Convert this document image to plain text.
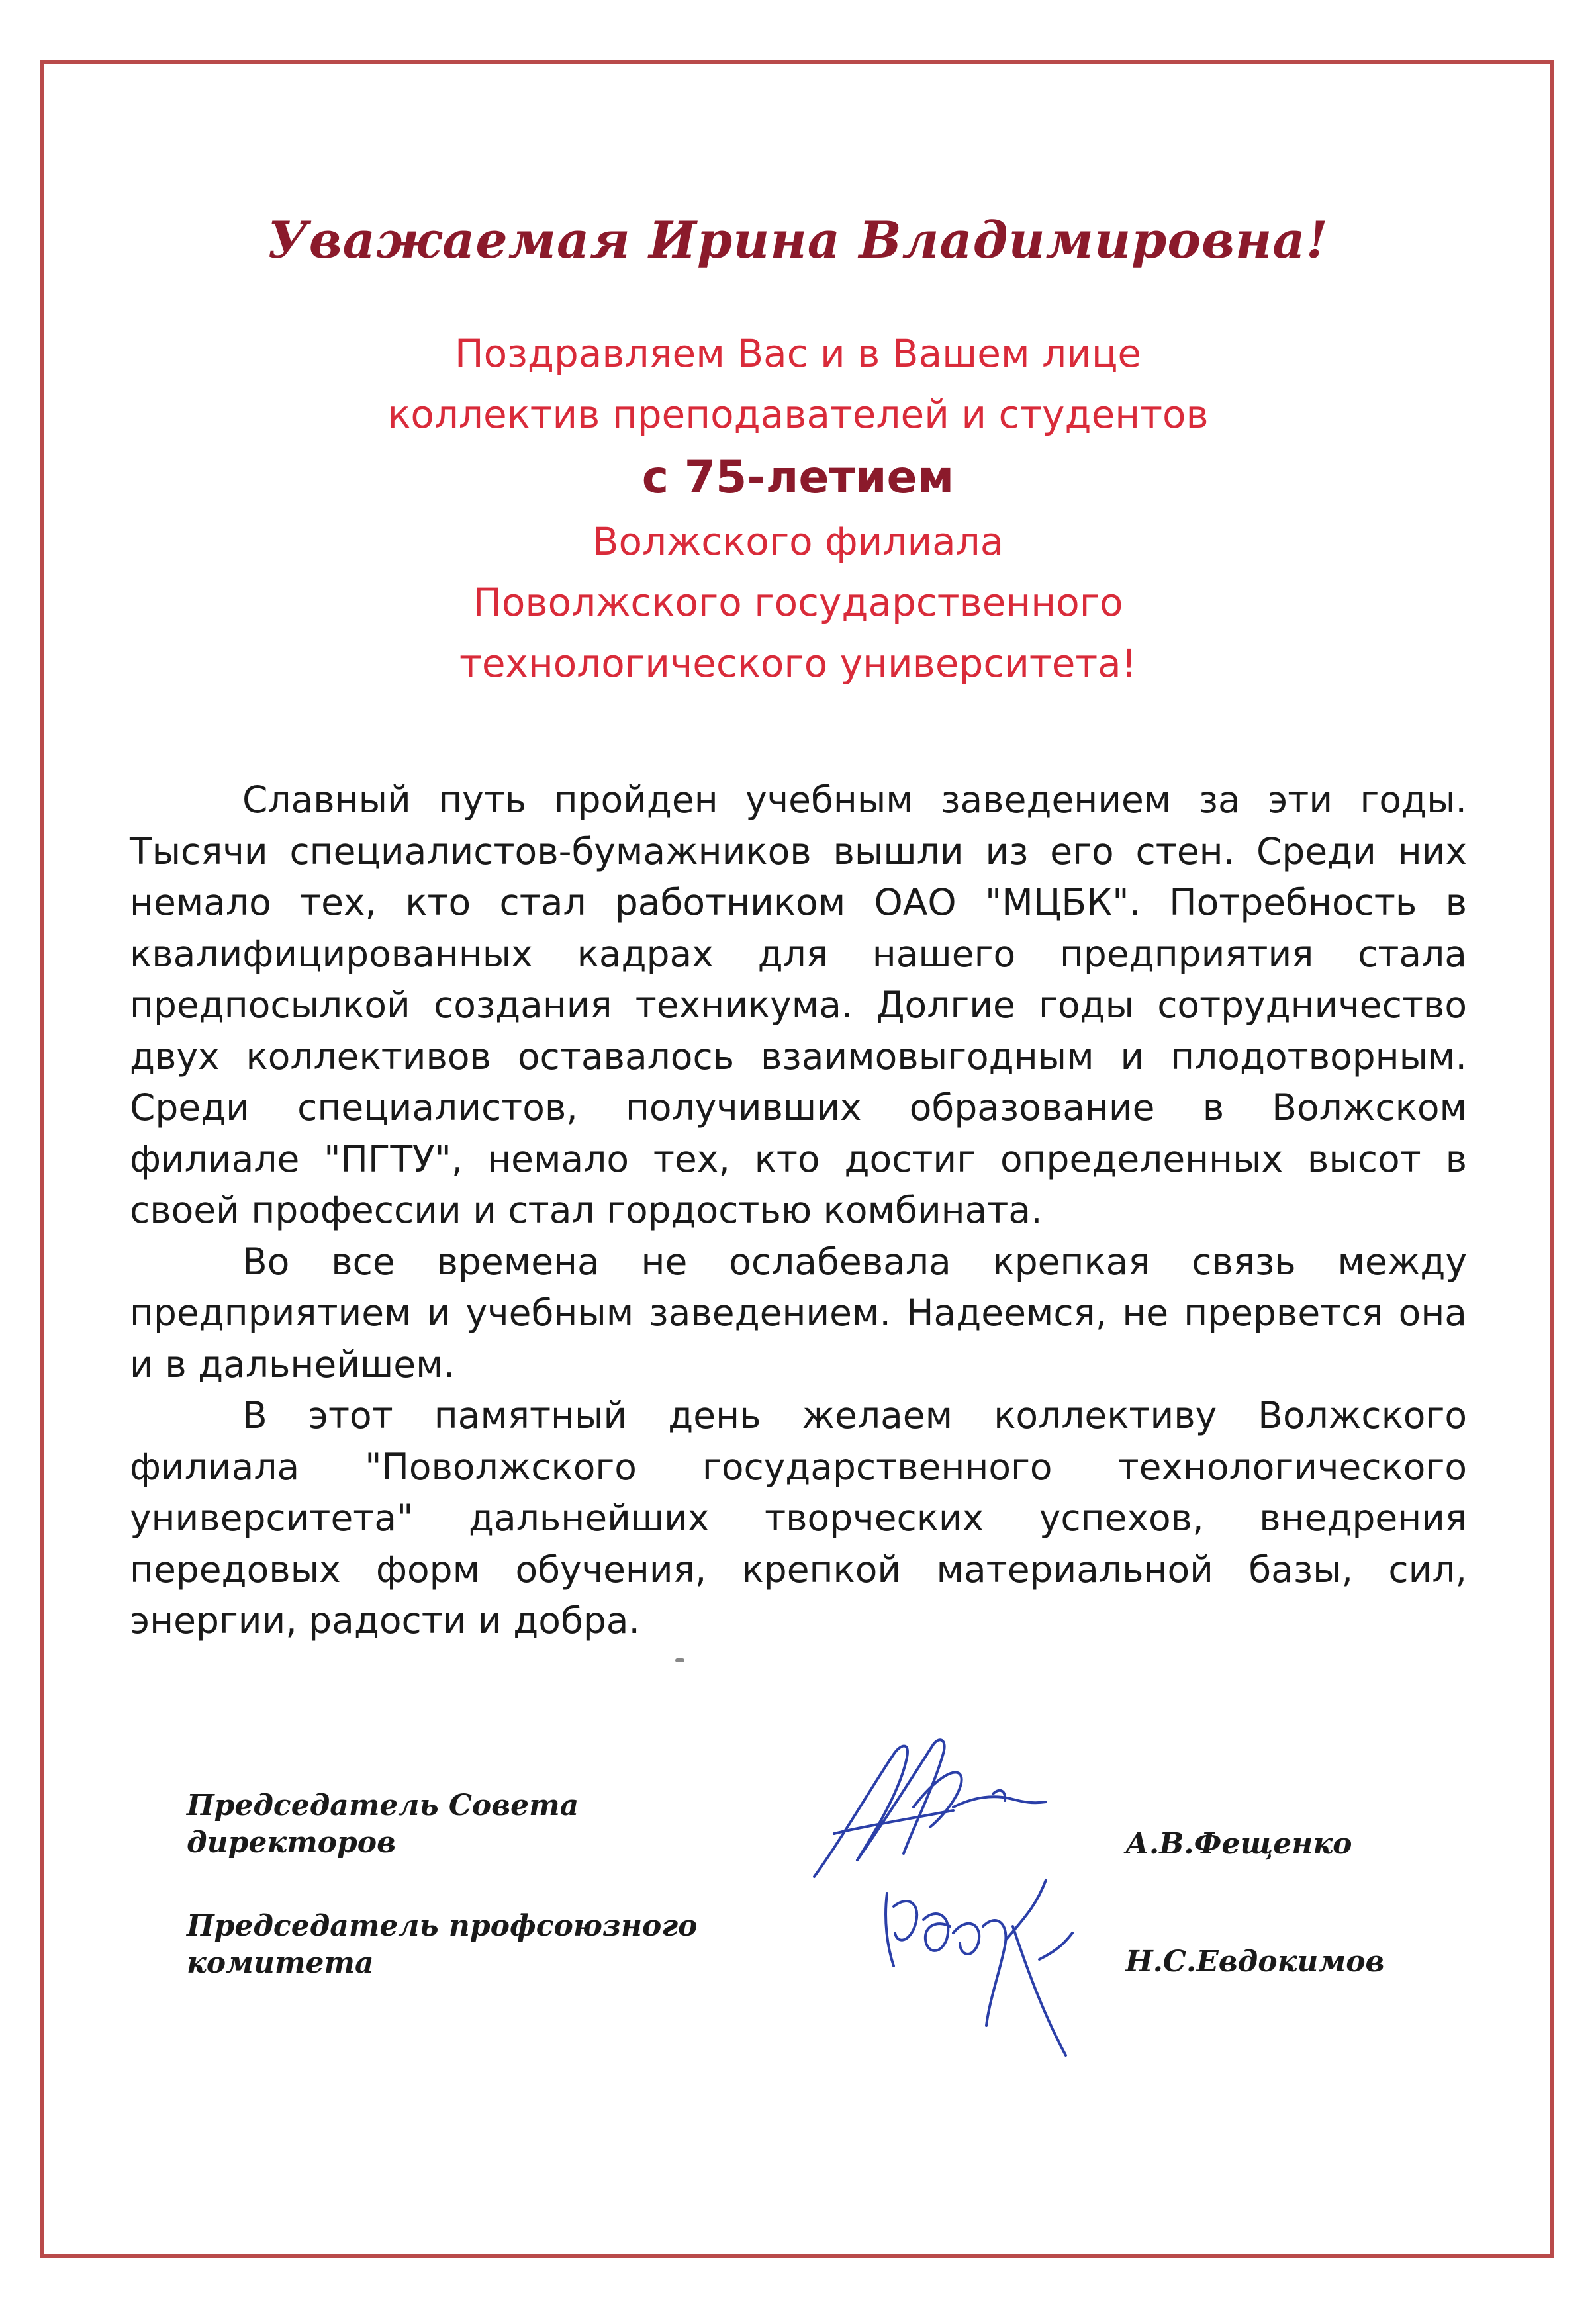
Уважаемая Ирина Владимировна!
Поздравляем Вас и в Вашем лице
коллектив преподавателей и студентов
с 75-летием
Волжского филиала
Поволжского государственного
технологического университета!

Славный путь пройден учебным заведением за эти годы. Тысячи специалистов-бумажников вышли из его стен. Среди них немало тех, кто стал работником ОАО "МЦБК". Потребность в квалифицированных кадрах для нашего предприятия стала предпосылкой создания техникума. Долгие годы сотрудничество двух коллективов оставалось взаимовыгодным и плодотворным. Среди специалистов, получивших образование в Волжском филиале "ПГТУ", немало тех, кто достиг определенных высот в своей профессии и стал гордостью комбината.

Во все времена не ослабевала крепкая связь между предприятием и учебным заведением. Надеемся, не прервется она и в дальнейшем.

В этот памятный день желаем коллективу Волжского филиала "Поволжского государственного технологического университета" дальнейших творческих успехов, внедрения передовых форм обучения, крепкой материальной базы, сил, энергии, радости и добра.

Председатель Совета
директоров	А.В.Фещенко
Председатель профсоюзного
комитета	Н.С.Евдокимов
